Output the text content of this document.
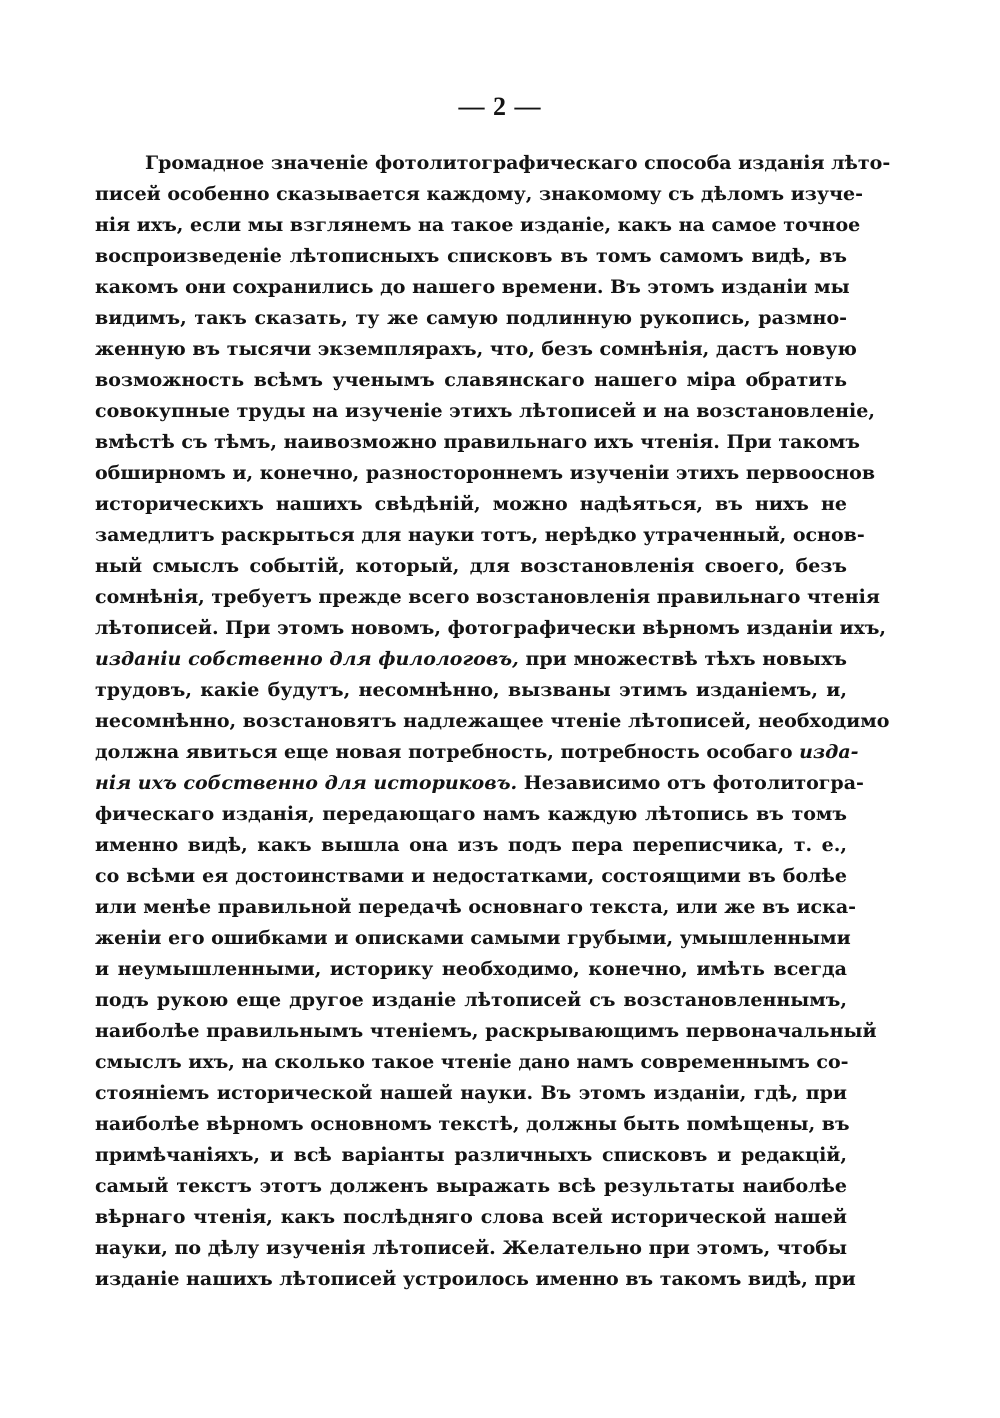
— 2 —
Громадное значеніе фотолитографическаго способа изданія лѣто-
писей особенно сказывается каждому, знакомому съ дѣломъ изуче-
нія ихъ, если мы взглянемъ на такое изданіе, какъ на самое точное
воспроизведеніе лѣтописныхъ списковъ въ томъ самомъ видѣ, въ
какомъ они сохранились до нашего времени. Въ этомъ изданіи мы
видимъ, такъ сказать, ту же самую подлинную рукопись, размно-
женную въ тысячи экземплярахъ, что, безъ сомнѣнія, дастъ новую
возможность всѣмъ ученымъ славянскаго нашего міра обратить
совокупные труды на изученіе этихъ лѣтописей и на возстановленіе,
вмѣстѣ съ тѣмъ, наивозможно правильнаго ихъ чтенія. При такомъ
обширномъ и, конечно, разностороннемъ изученіи этихъ первооснов
историческихъ нашихъ свѣдѣній, можно надѣяться, въ нихъ не
замедлитъ раскрыться для науки тотъ, нерѣдко утраченный, основ-
ный смыслъ событій, который, для возстановленія своего, безъ
сомнѣнія, требуетъ прежде всего возстановленія правильнаго чтенія
лѣтописей. При этомъ новомъ, фотографически вѣрномъ изданіи ихъ,
изданіи собственно для филологовъ, при множествѣ тѣхъ новыхъ
трудовъ, какіе будутъ, несомнѣнно, вызваны этимъ изданіемъ, и,
несомнѣнно, возстановятъ надлежащее чтеніе лѣтописей, необходимо
должна явиться еще новая потребность, потребность особаго изда-
нія ихъ собственно для историковъ. Независимо отъ фотолитогра-
фическаго изданія, передающаго намъ каждую лѣтопись въ томъ
именно видѣ, какъ вышла она изъ подъ пера переписчика, т. е.,
со всѣми ея достоинствами и недостатками, состоящими въ болѣе
или менѣе правильной передачѣ основнаго текста, или же въ иска-
женіи его ошибками и описками самыми грубыми, умышленными
и неумышленными, историку необходимо, конечно, имѣть всегда
подъ рукою еще другое изданіе лѣтописей съ возстановленнымъ,
наиболѣе правильнымъ чтеніемъ, раскрывающимъ первоначальный
смыслъ ихъ, на сколько такое чтеніе дано намъ современнымъ со-
стояніемъ исторической нашей науки. Въ этомъ изданіи, гдѣ, при
наиболѣе вѣрномъ основномъ текстѣ, должны быть помѣщены, въ
примѣчаніяхъ, и всѣ варіанты различныхъ списковъ и редакцій,
самый текстъ этотъ долженъ выражать всѣ результаты наиболѣе
вѣрнаго чтенія, какъ послѣдняго слова всей исторической нашей
науки, по дѣлу изученія лѣтописей. Желательно при этомъ, чтобы
изданіе нашихъ лѣтописей устроилось именно въ такомъ видѣ, при
